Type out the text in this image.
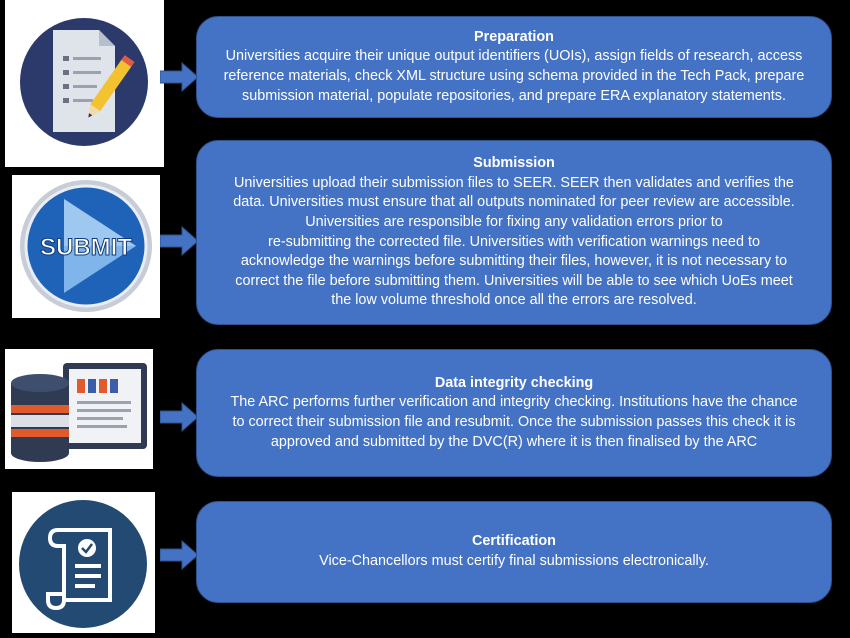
Preparation
Universities acquire their unique output identifiers (UOIs), assign fields of research, access
reference materials, check XML structure using schema provided in the Tech Pack, prepare
submission material, populate repositories, and prepare ERA explanatory statements.
SUBMIT
Submission
Universities upload their submission files to SEER. SEER then validates and verifies the
data. Universities must ensure that all outputs nominated for peer review are accessible.
Universities are responsible for fixing any validation errors prior to
re-submitting the corrected file. Universities with verification warnings need to
acknowledge the warnings before submitting their files, however, it is not necessary to
correct the file before submitting them. Universities will be able to see which UoEs meet
the low volume threshold once all the errors are resolved.
Data integrity checking
The ARC performs further verification and integrity checking. Institutions have the chance
to correct their submission file and resubmit. Once the submission passes this check it is
approved and submitted by the DVC(R) where it is then finalised by the ARC
Certification
Vice-Chancellors must certify final submissions electronically.
